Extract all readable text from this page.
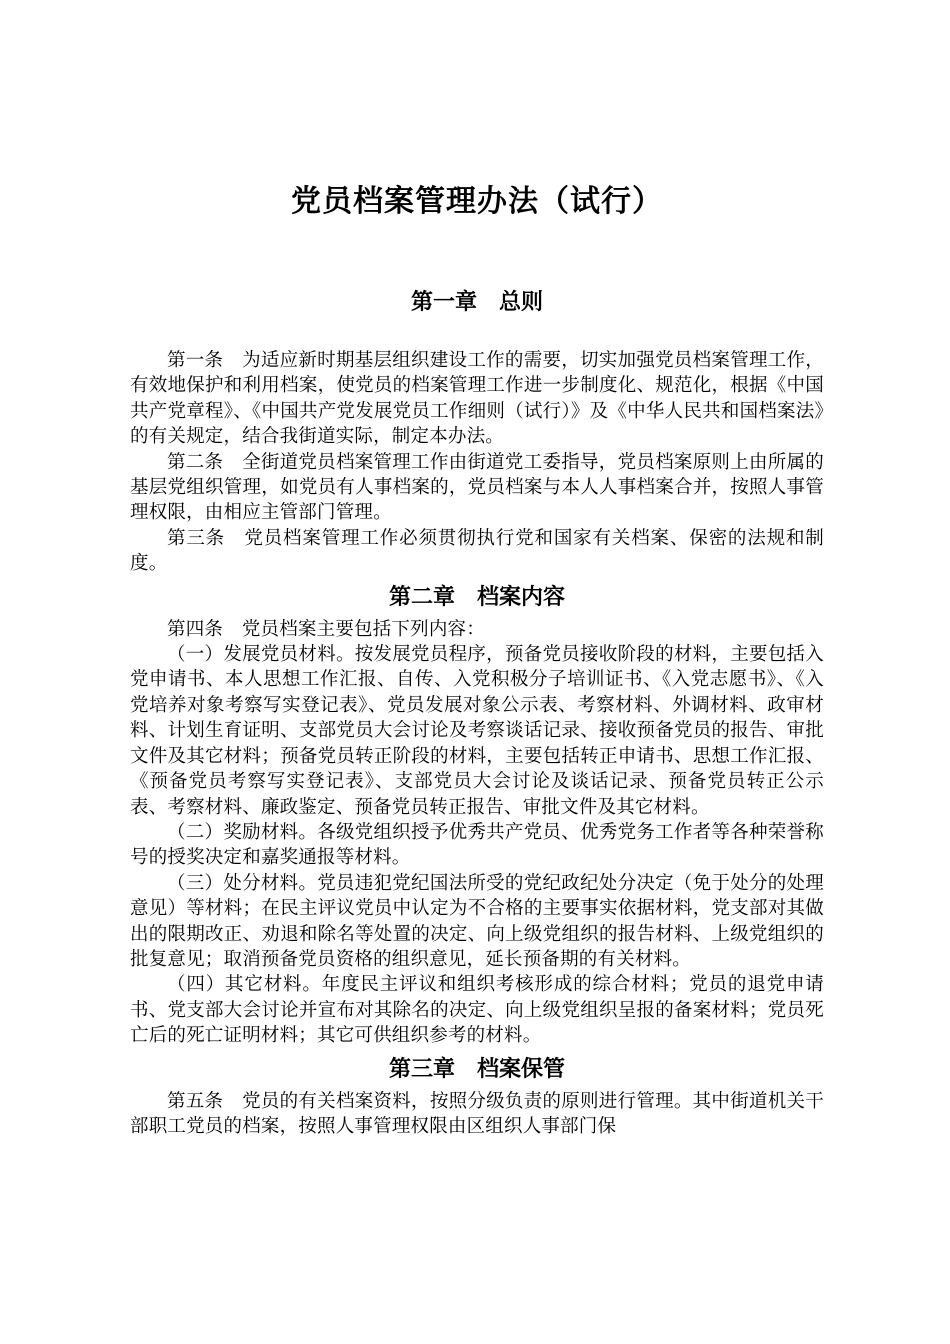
党员档案管理办法（试行）
第一章　总则

第一条　为适应新时期基层组织建设工作的需要，切实加强党员档案管理工作，有效地保护和利用档案，使党员的档案管理工作进一步制度化、规范化，根据《中国共产党章程》、《中国共产党发展党员工作细则（试行）》及《中华人民共和国档案法》的有关规定，结合我街道实际，制定本办法。

第二条　全街道党员档案管理工作由街道党工委指导，党员档案原则上由所属的基层党组织管理，如党员有人事档案的，党员档案与本人人事档案合并，按照人事管理权限，由相应主管部门管理。

第三条　党员档案管理工作必须贯彻执行党和国家有关档案、保密的法规和制度。

第二章　档案内容

第四条　党员档案主要包括下列内容：

（一）发展党员材料。按发展党员程序，预备党员接收阶段的材料，主要包括入党申请书、本人思想工作汇报、自传、入党积极分子培训证书、《入党志愿书》、《入党培养对象考察写实登记表》、党员发展对象公示表、考察材料、外调材料、政审材料、计划生育证明、支部党员大会讨论及考察谈话记录、接收预备党员的报告、审批文件及其它材料；预备党员转正阶段的材料，主要包括转正申请书、思想工作汇报、《预备党员考察写实登记表》、支部党员大会讨论及谈话记录、预备党员转正公示表、考察材料、廉政鉴定、预备党员转正报告、审批文件及其它材料。

（二）奖励材料。各级党组织授予优秀共产党员、优秀党务工作者等各种荣誉称号的授奖决定和嘉奖通报等材料。

（三）处分材料。党员违犯党纪国法所受的党纪政纪处分决定（免于处分的处理意见）等材料；在民主评议党员中认定为不合格的主要事实依据材料，党支部对其做出的限期改正、劝退和除名等处置的决定、向上级党组织的报告材料、上级党组织的批复意见；取消预备党员资格的组织意见，延长预备期的有关材料。

（四）其它材料。年度民主评议和组织考核形成的综合材料；党员的退党申请书、党支部大会讨论并宣布对其除名的决定、向上级党组织呈报的备案材料；党员死亡后的死亡证明材料；其它可供组织参考的材料。

第三章　档案保管

第五条　党员的有关档案资料，按照分级负责的原则进行管理。其中街道机关干部职工党员的档案，按照人事管理权限由区组织人事部门保
